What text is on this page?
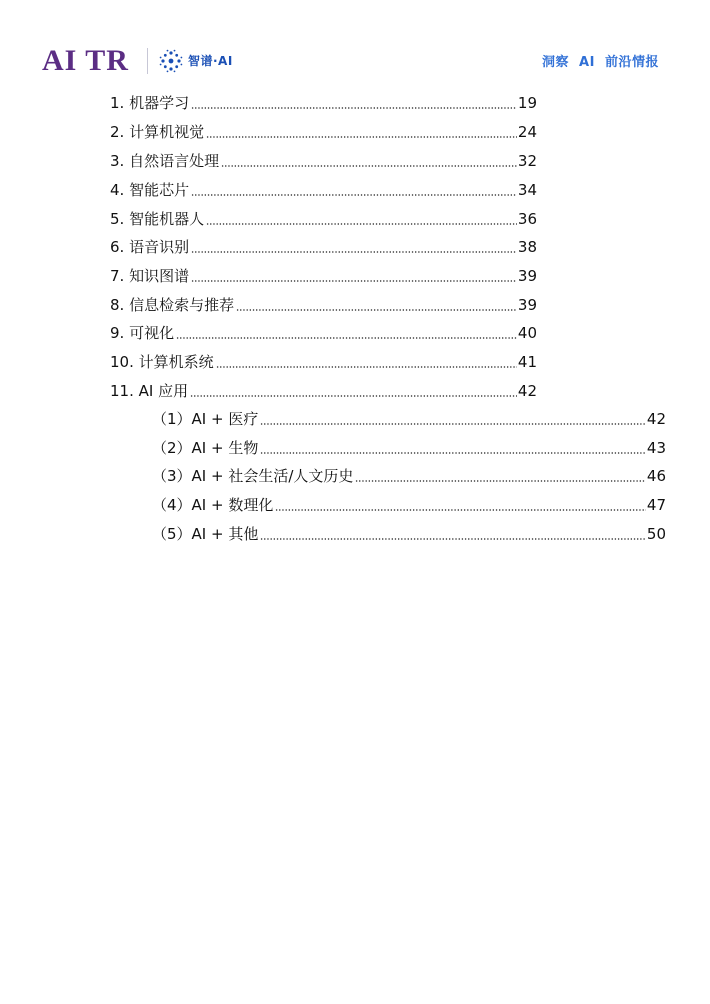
AI TR	智谱·AI	洞察  AI  前沿情报
1. 机器学习	19
2. 计算机视觉	24
3. 自然语言处理	32
4. 智能芯片	34
5. 智能机器人	36
6. 语音识别	38
7. 知识图谱	39
8. 信息检索与推荐	39
9. 可视化	40
10. 计算机系统	41
11. AI 应用	42
（1）AI + 医疗	42
（2）AI + 生物	43
（3）AI + 社会生活/人文历史	46
（4）AI + 数理化	47
（5）AI + 其他	50
